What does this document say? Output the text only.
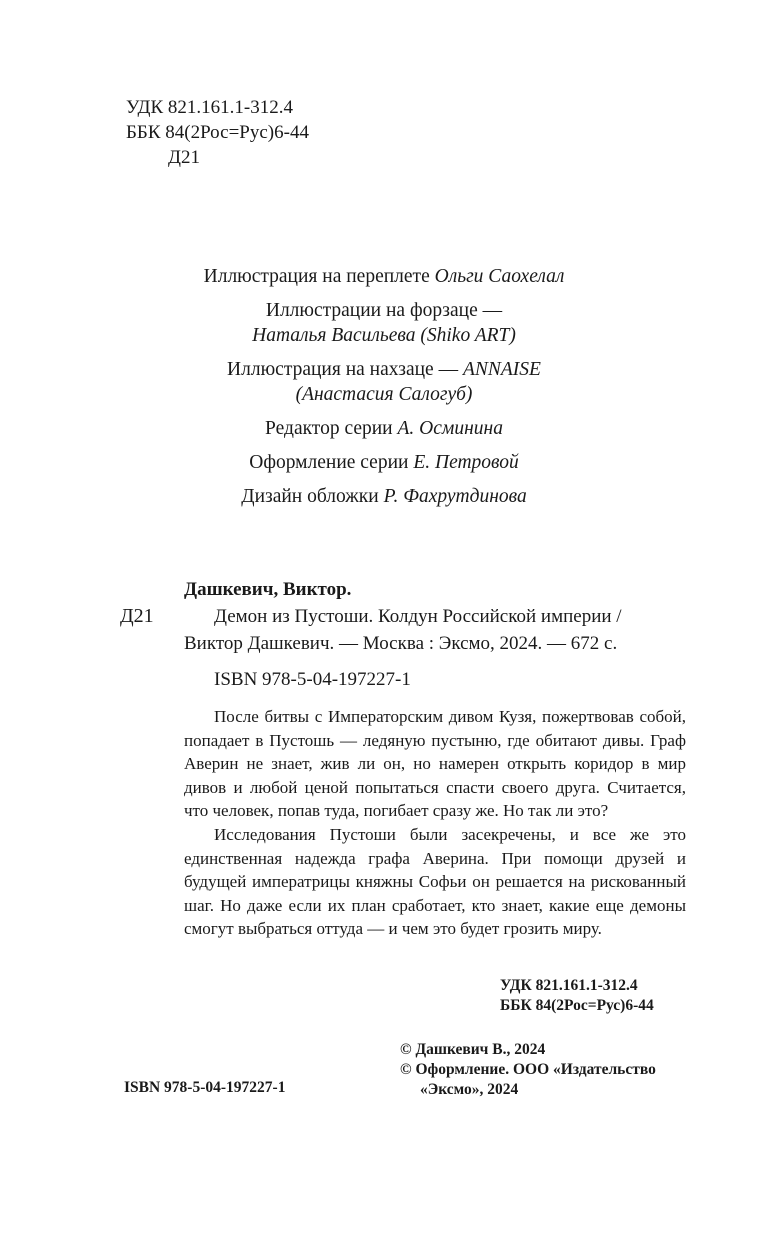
УДК 821.161.1-312.4
ББК 84(2Рос=Рус)6-44
Д21
Иллюстрация на переплете Ольги Саохелал
Иллюстрации на форзаце —
Наталья Васильева (Shiko ART)
Иллюстрация на нахзаце — ANNAISE
(Анастасия Салогуб)
Редактор серии А. Осминина
Оформление серии Е. Петровой
Дизайн обложки Р. Фахрутдинова
Дашкевич, Виктор.
Д21	Демон из Пустоши. Колдун Российской империи /
Виктор Дашкевич. — Москва : Эксмо, 2024. — 672 с.
ISBN 978-5-04-197227-1

После битвы с Императорским дивом Кузя, пожертвовав собой, попадает в Пустошь — ледяную пустыню, где обитают дивы. Граф Аверин не знает, жив ли он, но намерен открыть коридор в мир дивов и любой ценой попытаться спасти своего друга. Считается, что человек, попав туда, погибает сразу же. Но так ли это?

Исследования Пустоши были засекречены, и все же это единственная надежда графа Аверина. При помощи друзей и будущей императрицы княжны Софьи он решается на рискованный шаг. Но даже если их план сработает, кто знает, какие еще демоны смогут выбраться оттуда — и чем это будет грозить миру.

УДК 821.161.1-312.4
ББК 84(2Рос=Рус)6-44
© Дашкевич В., 2024
© Оформление. ООО «Издательство
«Эксмо», 2024
ISBN 978-5-04-197227-1
